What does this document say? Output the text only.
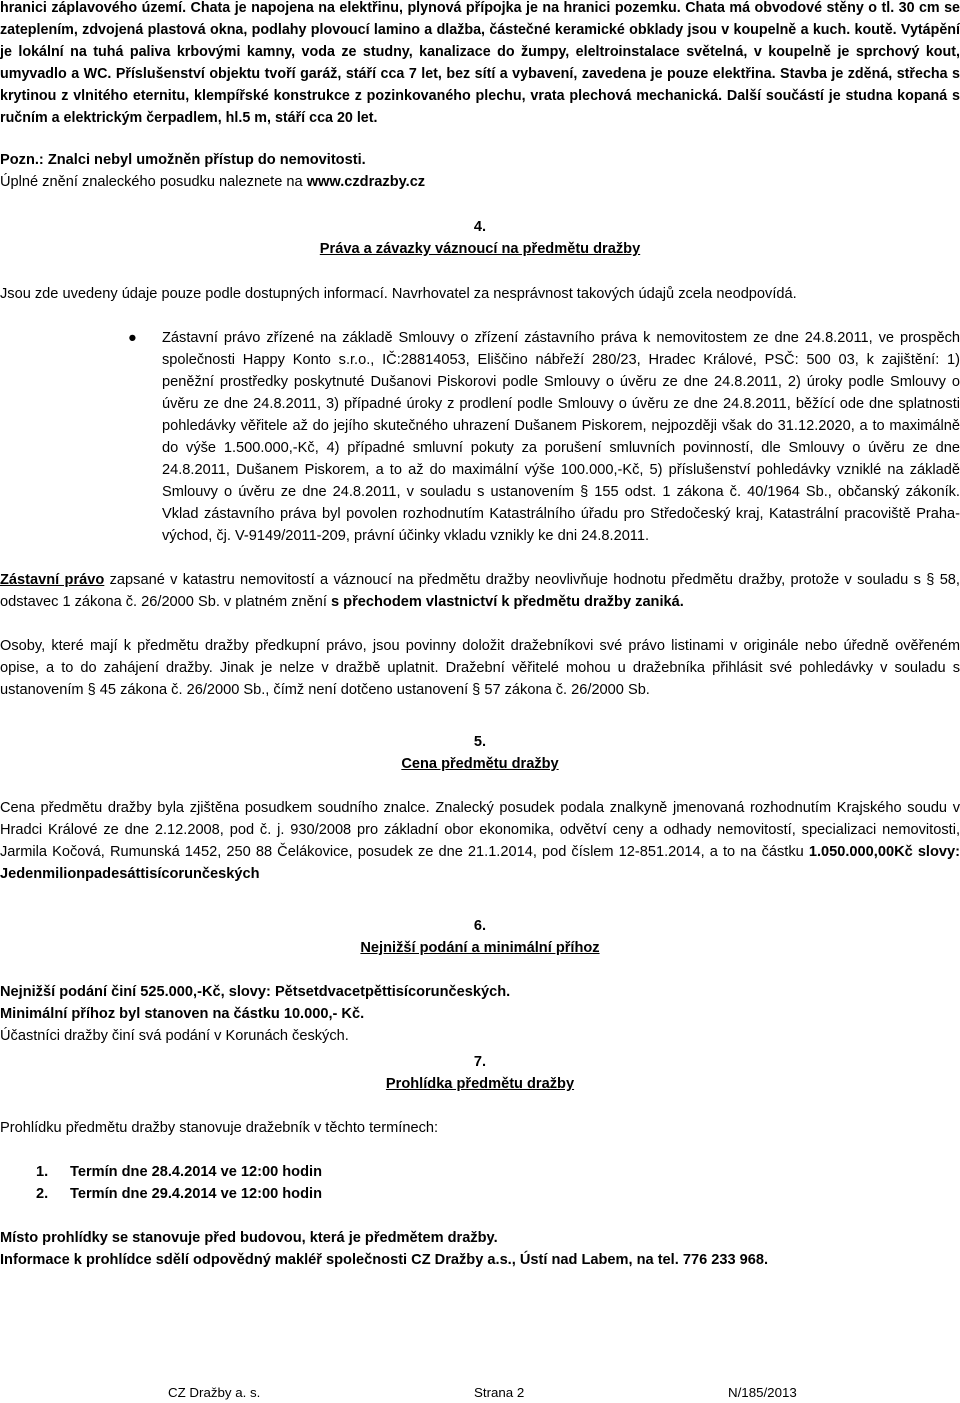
hranici záplavového území. Chata je napojena na elektřinu, plynová přípojka je na hranici pozemku. Chata má obvodové stěny o tl. 30 cm se zateplením, zdvojená plastová okna, podlahy plovoucí lamino a dlažba, částečné keramické obklady jsou v koupelně a kuch. koutě. Vytápění je lokální na tuhá paliva krbovými kamny, voda ze studny, kanalizace do žumpy, eleltroinstalace světelná, v koupelně je sprchový kout, umyvadlo a WC. Příslušenství objektu tvoří garáž, stáří cca 7 let, bez sítí a vybavení, zavedena je pouze elektřina. Stavba je zděná, střecha s krytinou z vlnitého eternitu, klempířské konstrukce z pozinkovaného plechu, vrata plechová mechanická. Další součástí je studna kopaná s ručním a elektrickým čerpadlem, hl.5 m, stáří cca 20 let.

Pozn.: Znalci nebyl umožněn přístup do nemovitosti.

Úplné znění znaleckého posudku naleznete na www.czdrazby.cz

4.

Práva a závazky váznoucí na předmětu dražby

Jsou zde uvedeny údaje pouze podle dostupných informací. Navrhovatel za nesprávnost takových údajů zcela neodpovídá.

● Zástavní právo zřízené na základě Smlouvy o zřízení zástavního práva k nemovitostem ze dne 24.8.2011, ve prospěch společnosti Happy Konto s.r.o., IČ:28814053, Eliščino nábřeží 280/23, Hradec Králové, PSČ: 500 03, k zajištění: 1) peněžní prostředky poskytnuté Dušanovi Piskorovi podle Smlouvy o úvěru ze dne 24.8.2011, 2) úroky podle Smlouvy o úvěru ze dne 24.8.2011, 3) případné úroky z prodlení podle Smlouvy o úvěru ze dne 24.8.2011, běžící ode dne splatnosti pohledávky věřitele až do jejího skutečného uhrazení Dušanem Piskorem, nejpozději však do 31.12.2020, a to maximálně do výše 1.500.000,-Kč, 4) případné smluvní pokuty za porušení smluvních povinností, dle Smlouvy o úvěru ze dne 24.8.2011, Dušanem Piskorem, a to až do maximální výše 100.000,-Kč, 5) příslušenství pohledávky vzniklé na základě Smlouvy o úvěru ze dne 24.8.2011, v souladu s ustanovením § 155 odst. 1 zákona č. 40/1964 Sb., občanský zákoník. Vklad zástavního práva byl povolen rozhodnutím Katastrálního úřadu pro Středočeský kraj, Katastrální pracoviště Praha-východ, čj. V-9149/2011-209, právní účinky vkladu vznikly ke dni 24.8.2011.

Zástavní právo zapsané v katastru nemovitostí a váznoucí na předmětu dražby neovlivňuje hodnotu předmětu dražby, protože v souladu s § 58, odstavec 1 zákona č. 26/2000 Sb. v platném znění s přechodem vlastnictví k předmětu dražby zaniká.

Osoby, které mají k předmětu dražby předkupní právo, jsou povinny doložit dražebníkovi své právo listinami v originále nebo úředně ověřeném opise, a to do zahájení dražby. Jinak je nelze v dražbě uplatnit. Dražební věřitelé mohou u dražebníka přihlásit své pohledávky v souladu s ustanovením § 45 zákona č. 26/2000 Sb., čímž není dotčeno ustanovení § 57 zákona č. 26/2000 Sb.

5.

Cena předmětu dražby

Cena předmětu dražby byla zjištěna posudkem soudního znalce. Znalecký posudek podala znalkyně jmenovaná rozhodnutím Krajského soudu v Hradci Králové ze dne 2.12.2008, pod č. j. 930/2008 pro základní obor ekonomika, odvětví ceny a odhady nemovitostí, specializaci nemovitosti, Jarmila Kočová, Rumunská 1452, 250 88 Čelákovice, posudek ze dne 21.1.2014, pod číslem 12-851.2014, a to na částku 1.050.000,00Kč slovy: Jedenmilionpadesáttisícorunčeských

6.

Nejnižší podání a minimální příhoz

Nejnižší podání činí 525.000,-Kč, slovy: Pětsetdvacetpěttisícorunčeských.

Minimální příhoz byl stanoven na částku 10.000,- Kč.

Účastníci dražby činí svá podání v Korunách českých.

7.

Prohlídka předmětu dražby

Prohlídku předmětu dražby stanovuje dražebník v těchto termínech:

1. Termín dne 28.4.2014 ve 12:00 hodin
2. Termín dne 29.4.2014 ve 12:00 hodin

Místo prohlídky se stanovuje před budovou, která je předmětem dražby.

Informace k prohlídce sdělí odpovědný makléř společnosti CZ Dražby a.s., Ústí nad Labem, na tel. 776 233 968.

CZ Dražby a. s.	Strana 2	N/185/2013
